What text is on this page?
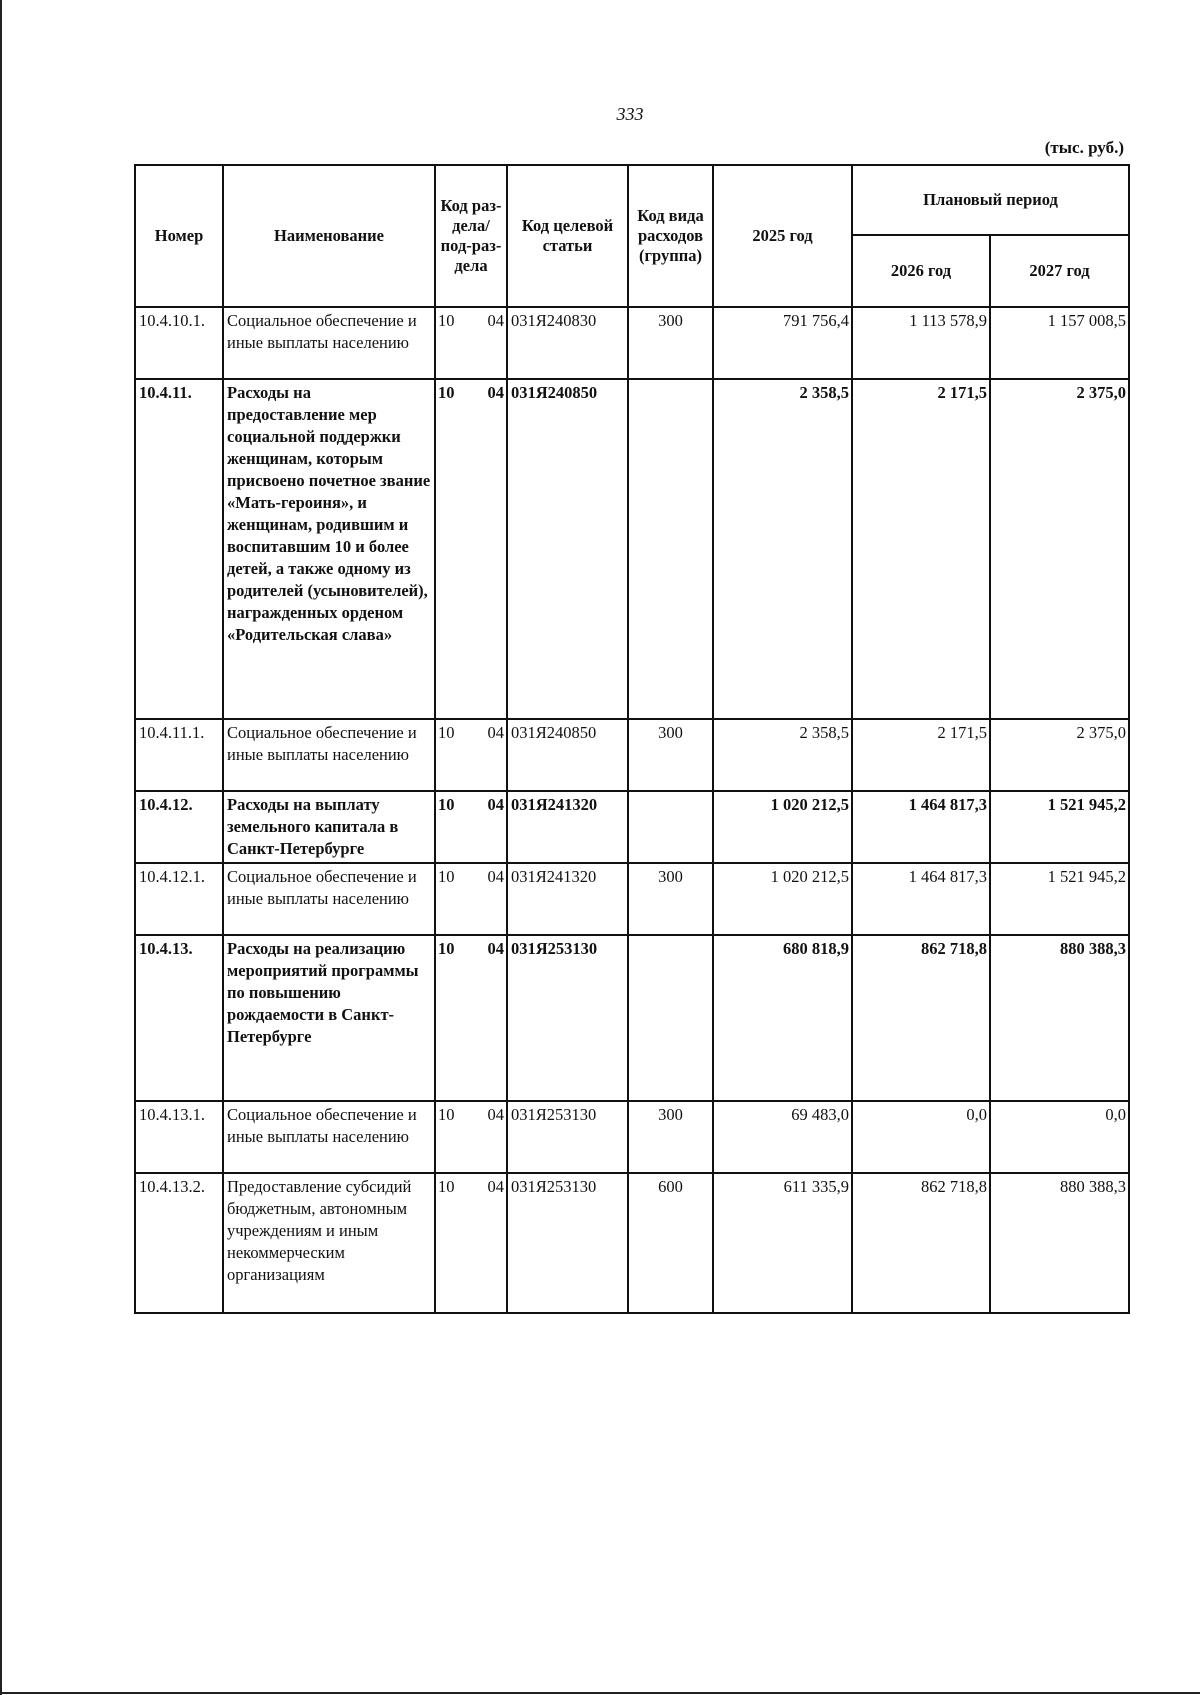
333
(тыс. руб.)
Номер	Наименование	Код раз-дела/ под-раз-дела	Код целевой статьи	Код вида расходов (группа)	2025 год	Плановый период	
						2026 год	2027 год
10.4.10.1.	Социальное обеспечение и иные выплаты населению	10 04	031Я240830	300	791 756,4	1 113 578,9	1 157 008,5
10.4.11.	Расходы на предоставление мер социальной поддержки женщинам, которым присвоено почетное звание «Мать-героиня», и женщинам, родившим и воспитавшим 10 и более детей, а также одному из родителей (усыновителей), награжденных орденом «Родительская слава»	10 04	031Я240850		2 358,5	2 171,5	2 375,0
10.4.11.1.	Социальное обеспечение и иные выплаты населению	10 04	031Я240850	300	2 358,5	2 171,5	2 375,0
10.4.12.	Расходы на выплату земельного капитала в Санкт-Петербурге	10 04	031Я241320		1 020 212,5	1 464 817,3	1 521 945,2
10.4.12.1.	Социальное обеспечение и иные выплаты населению	10 04	031Я241320	300	1 020 212,5	1 464 817,3	1 521 945,2
10.4.13.	Расходы на реализацию мероприятий программы по повышению рождаемости в Санкт-Петербурге	10 04	031Я253130		680 818,9	862 718,8	880 388,3
10.4.13.1.	Социальное обеспечение и иные выплаты населению	10 04	031Я253130	300	69 483,0	0,0	0,0
10.4.13.2.	Предоставление субсидий бюджетным, автономным учреждениям и иным некоммерческим организациям	10 04	031Я253130	600	611 335,9	862 718,8	880 388,3
